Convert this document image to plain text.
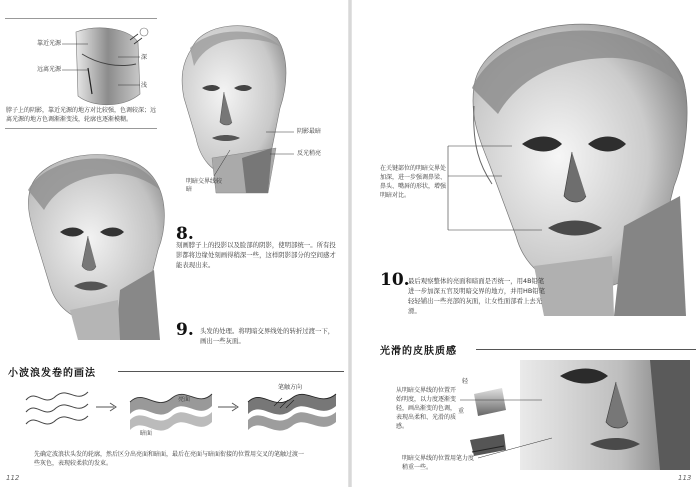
靠近光源
远离光源
深
浅
脖子上的阴影，靠近光源的地方对比较强，色调较深；远离光源的地方色调渐渐变浅，轮廓也逐渐模糊。
阴影最暗
反光稍亮
明暗交界线较暗
8.
刻画脖子上的投影以及脸部的阴影，使明部统一。所有投影都将边缘处刻画得稍深一些，这样阴影部分的空间感才能表现出来。
9. 头发的处理。将明暗交界线处的转折过渡一下，画出一些灰面。
小波浪发卷的画法
亮面
暗面
笔触方向
先确定波浪状头发的轮廓，然后区分出亮面和暗面，最后在亮面与暗面衔接的位置用交叉的笔触过渡一些灰色，表现较柔软的发束。
112
在关键部位的明暗交界处加深，进一步强调鼻梁、鼻头、嘴唇的形状，增强明暗对比。
10.
最后观察整体的亮面和暗面是否统一，用4B铅笔进一步加深五官及明暗交界的地方，并用HB铅笔轻轻铺出一些亮部的灰面，让女性面部看上去光滑。
光滑的皮肤质感
从明暗交界线的位置开始明度，以力度逐渐变轻，画出渐变的色调，表现出柔和、光滑的质感。
轻
重
明暗交界线的位置用笔力度稍重一些。
113
